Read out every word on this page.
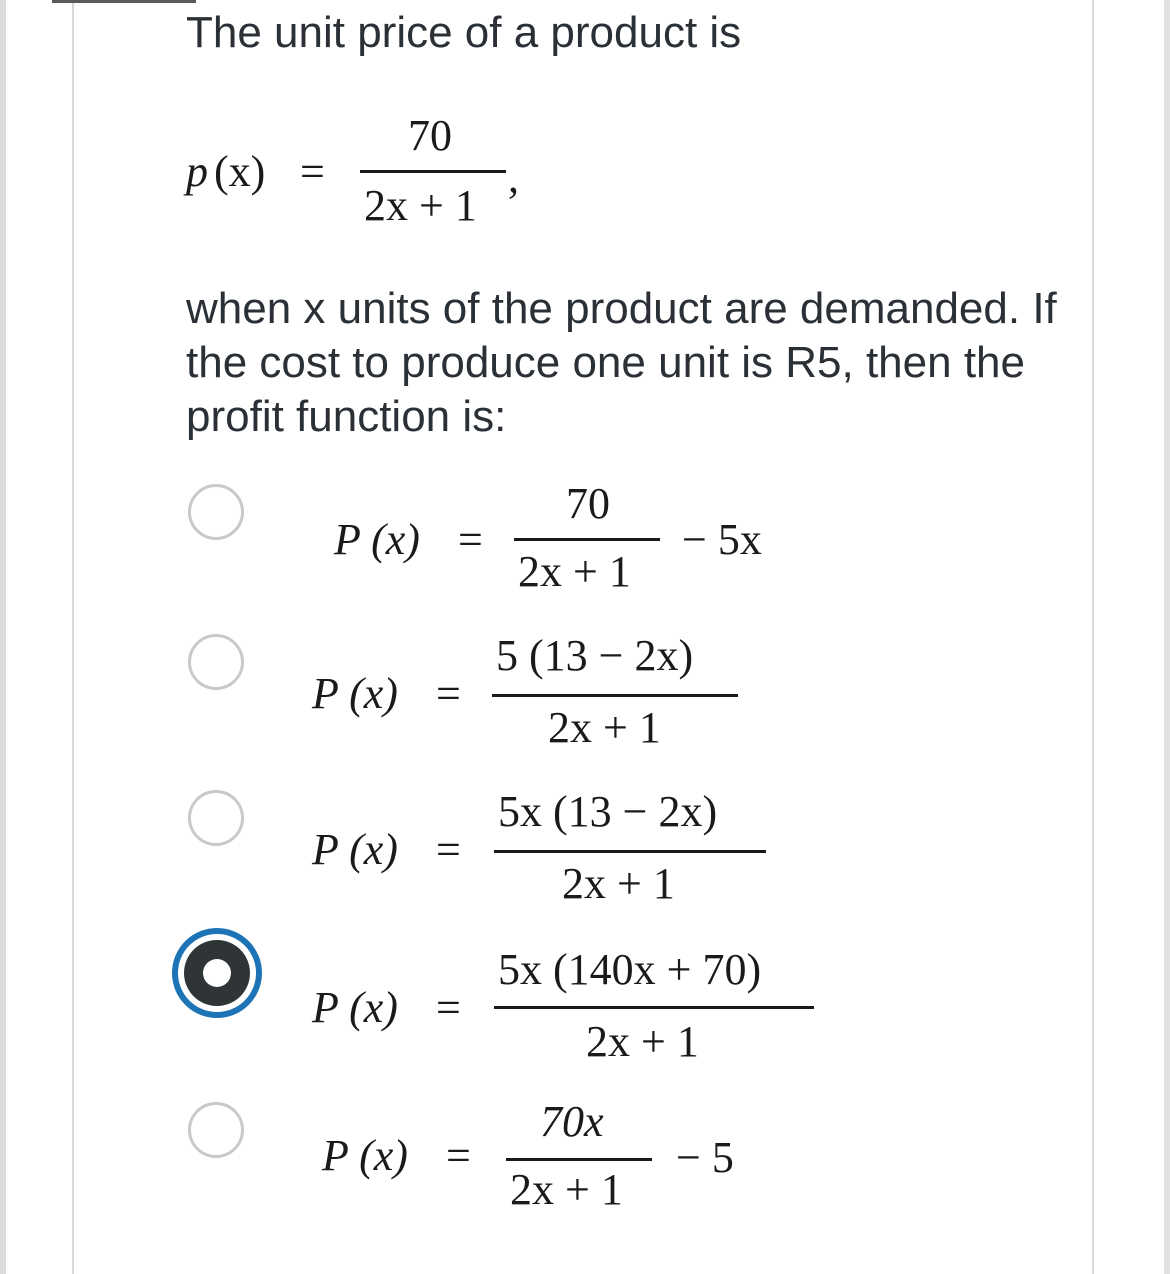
The unit price of a product is

p (x) =
70
2x + 1
,

when x units of the product are demanded. If the cost to produce one unit is R5, then the profit function is:

P (x) =
70
2x + 1
− 5x
P (x) =
5 (13 − 2x)
2x + 1
P (x) =
5x (13 − 2x)
2x + 1
P (x) =
5x (140x + 70)
2x + 1
P (x) =
70x
2x + 1
− 5
